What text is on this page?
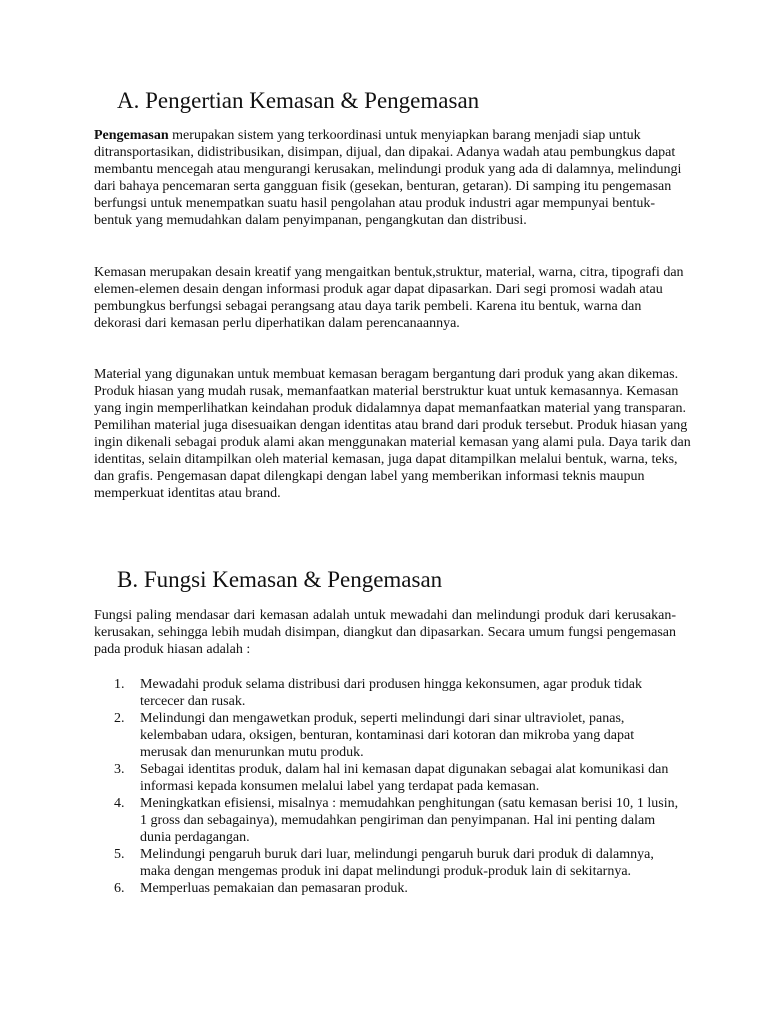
A. Pengertian Kemasan & Pengemasan

Pengemasan merupakan sistem yang terkoordinasi untuk menyiapkan barang menjadi siap untuk ditransportasikan, didistribusikan, disimpan, dijual, dan dipakai. Adanya wadah atau pembungkus dapat membantu mencegah atau mengurangi kerusakan, melindungi produk yang ada di dalamnya, melindungi dari bahaya pencemaran serta gangguan fisik (gesekan, benturan, getaran). Di samping itu pengemasan berfungsi untuk menempatkan suatu hasil pengolahan atau produk industri agar mempunyai bentuk-bentuk yang memudahkan dalam penyimpanan, pengangkutan dan distribusi.

Kemasan merupakan desain kreatif yang mengaitkan bentuk,struktur, material, warna, citra, tipografi dan elemen-elemen desain dengan informasi produk agar dapat dipasarkan. Dari segi promosi wadah atau pembungkus berfungsi sebagai perangsang atau daya tarik pembeli. Karena itu bentuk, warna dan dekorasi dari kemasan perlu diperhatikan dalam perencanaannya.

Material yang digunakan untuk membuat kemasan beragam bergantung dari produk yang akan dikemas. Produk hiasan yang mudah rusak, memanfaatkan material berstruktur kuat untuk kemasannya. Kemasan yang ingin memperlihatkan keindahan produk didalamnya dapat memanfaatkan material yang transparan. Pemilihan material juga disesuaikan dengan identitas atau brand dari produk tersebut. Produk hiasan yang ingin dikenali sebagai produk alami akan menggunakan material kemasan yang alami pula. Daya tarik dan identitas, selain ditampilkan oleh material kemasan, juga dapat ditampilkan melalui bentuk, warna, teks, dan grafis. Pengemasan dapat dilengkapi dengan label yang memberikan informasi teknis maupun memperkuat identitas atau brand.

B. Fungsi Kemasan & Pengemasan

Fungsi paling mendasar dari kemasan adalah untuk mewadahi dan melindungi produk dari kerusakan-kerusakan, sehingga lebih mudah disimpan, diangkut dan dipasarkan. Secara umum fungsi pengemasan pada produk hiasan adalah :

1. Mewadahi produk selama distribusi dari produsen hingga kekonsumen, agar produk tidak tercecer dan rusak.
2. Melindungi dan mengawetkan produk, seperti melindungi dari sinar ultraviolet, panas, kelembaban udara, oksigen, benturan, kontaminasi dari kotoran dan mikroba yang dapat merusak dan menurunkan mutu produk.
3. Sebagai identitas produk, dalam hal ini kemasan dapat digunakan sebagai alat komunikasi dan informasi kepada konsumen melalui label yang terdapat pada kemasan.
4. Meningkatkan efisiensi, misalnya : memudahkan penghitungan (satu kemasan berisi 10, 1 lusin, 1 gross dan sebagainya), memudahkan pengiriman dan penyimpanan. Hal ini penting dalam dunia perdagangan.
5. Melindungi pengaruh buruk dari luar, melindungi pengaruh buruk dari produk di dalamnya, maka dengan mengemas produk ini dapat melindungi produk-produk lain di sekitarnya.
6. Memperluas pemakaian dan pemasaran produk.
